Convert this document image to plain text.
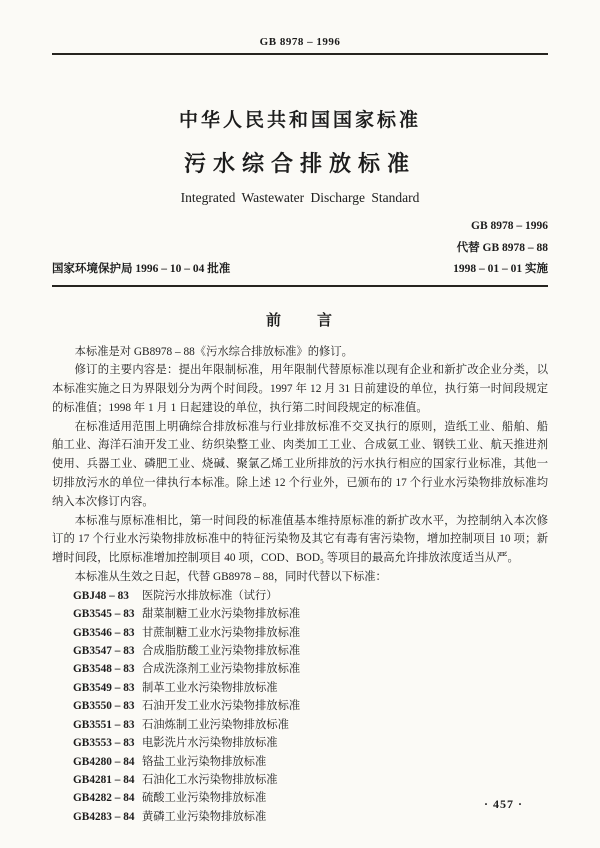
GB 8978 – 1996
中华人民共和国国家标准
污水综合排放标准
Integrated Wastewater Discharge Standard
GB 8978 – 1996
代替 GB 8978 – 88
国家环境保护局 1996 – 10 – 04 批准	1998 – 01 – 01 实施
前　　言

本标准是对 GB8978 – 88《污水综合排放标准》的修订。

修订的主要内容是：提出年限制标准，用年限制代替原标准以现有企业和新扩改企业分类，以本标准实施之日为界限划分为两个时间段。1997 年 12 月 31 日前建设的单位，执行第一时间段规定的标准值；1998 年 1 月 1 日起建设的单位，执行第二时间段规定的标准值。

在标准适用范围上明确综合排放标准与行业排放标准不交叉执行的原则，造纸工业、船舶、船舶工业、海洋石油开发工业、纺织染整工业、肉类加工工业、合成氨工业、钢铁工业、航天推进剂使用、兵器工业、磷肥工业、烧碱、聚氯乙烯工业所排放的污水执行相应的国家行业标准，其他一切排放污水的单位一律执行本标准。除上述 12 个行业外，已颁布的 17 个行业水污染物排放标准均纳入本次修订内容。

本标准与原标准相比，第一时间段的标准值基本维持原标准的新扩改水平，为控制纳入本次修订的 17 个行业水污染物排放标准中的特征污染物及其它有毒有害污染物，增加控制项目 10 项；新增时间段，比原标准增加控制项目 40 项，COD、BOD₅ 等项目的最高允许排放浓度适当从严。

本标准从生效之日起，代替 GB8978 – 88，同时代替以下标准：

GBJ48 – 83	医院污水排放标准（试行）
GB3545 – 83 甜菜制糖工业水污染物排放标准
GB3546 – 83 甘蔗制糖工业水污染物排放标准
GB3547 – 83 合成脂肪酸工业污染物排放标准
GB3548 – 83 合成洗涤剂工业污染物排放标准
GB3549 – 83 制革工业水污染物排放标准
GB3550 – 83 石油开发工业水污染物排放标准
GB3551 – 83 石油炼制工业污染物排放标准
GB3553 – 83 电影洗片水污染物排放标准
GB4280 – 84 铬盐工业污染物排放标准
GB4281 – 84 石油化工水污染物排放标准
GB4282 – 84 硫酸工业污染物排放标准
GB4283 – 84 黄磷工业污染物排放标准
· 457 ·
